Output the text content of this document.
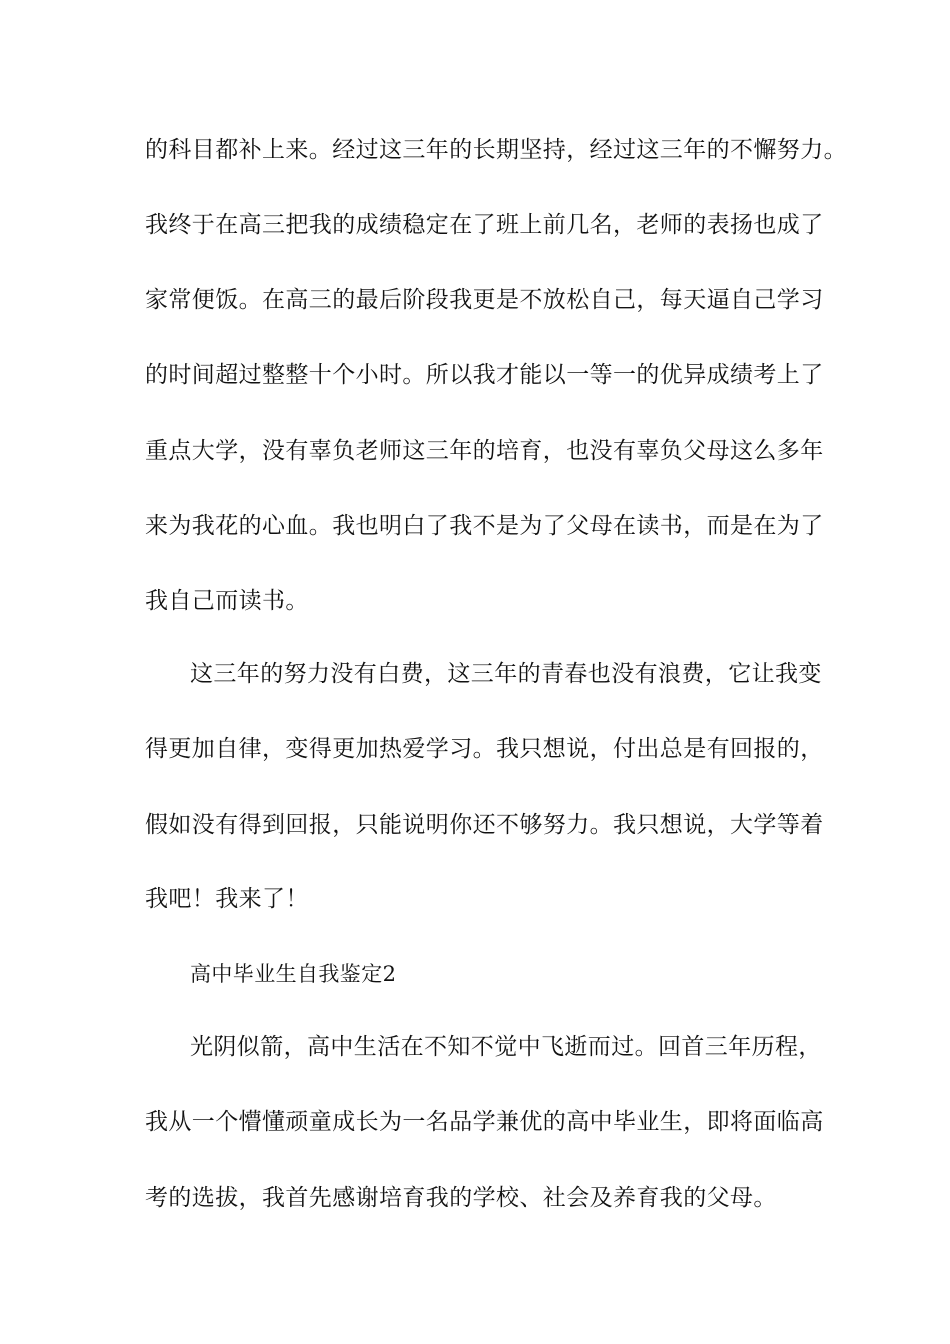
的科目都补上来。经过这三年的长期坚持，经过这三年的不懈努力。
我终于在高三把我的成绩稳定在了班上前几名，老师的表扬也成了
家常便饭。在高三的最后阶段我更是不放松自己，每天逼自己学习
的时间超过整整十个小时。所以我才能以一等一的优异成绩考上了
重点大学，没有辜负老师这三年的培育，也没有辜负父母这么多年
来为我花的心血。我也明白了我不是为了父母在读书，而是在为了
我自己而读书。
这三年的努力没有白费，这三年的青春也没有浪费，它让我变
得更加自律，变得更加热爱学习。我只想说，付出总是有回报的，
假如没有得到回报，只能说明你还不够努力。我只想说，大学等着
我吧！我来了！
高中毕业生自我鉴定2
光阴似箭，高中生活在不知不觉中飞逝而过。回首三年历程，
我从一个懵懂顽童成长为一名品学兼优的高中毕业生，即将面临高
考的选拔，我首先感谢培育我的学校、社会及养育我的父母。
